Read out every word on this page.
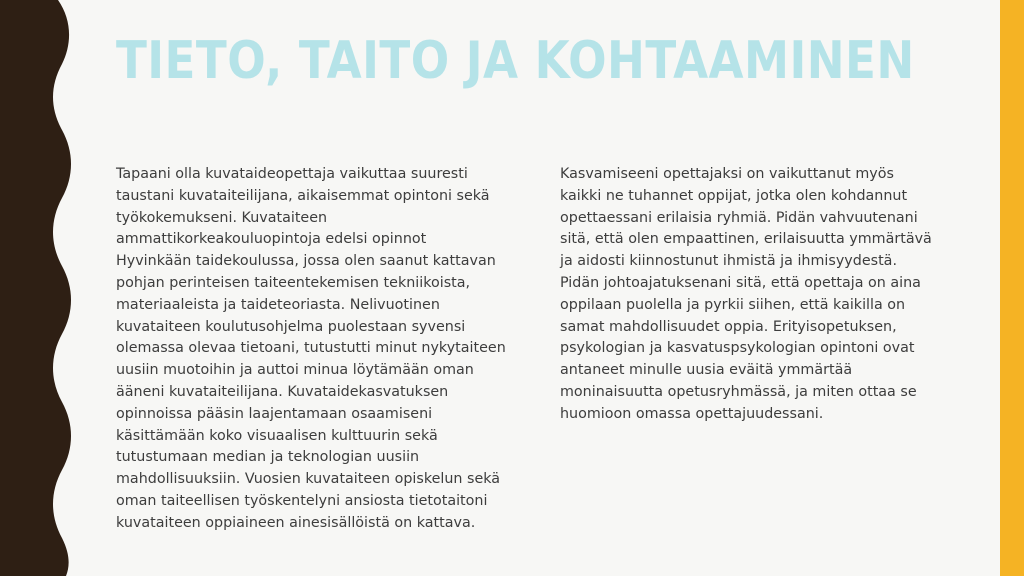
TIETO, TAITO JA KOHTAAMINEN
Tapaani olla kuvataideopettaja vaikuttaa suuresti
taustani kuvataiteilijana, aikaisemmat opintoni sekä
työkokemukseni. Kuvataiteen
ammattikorkeakouluopintoja edelsi opinnot
Hyvinkään taidekoulussa, jossa olen saanut kattavan
pohjan perinteisen taiteentekemisen tekniikoista,
materiaaleista ja taideteoriasta. Nelivuotinen
kuvataiteen koulutusohjelma puolestaan syvensi
olemassa olevaa tietoani, tutustutti minut nykytaiteen
uusiin muotoihin ja auttoi minua löytämään oman
ääneni kuvataiteilijana. Kuvataidekasvatuksen
opinnoissa pääsin laajentamaan osaamiseni
käsittämään koko visuaalisen kulttuurin sekä
tutustumaan median ja teknologian uusiin
mahdollisuuksiin. Vuosien kuvataiteen opiskelun sekä
oman taiteellisen työskentelyni ansiosta tietotaitoni
kuvataiteen oppiaineen ainesisällöistä on kattava.
Kasvamiseeni opettajaksi on vaikuttanut myös
kaikki ne tuhannet oppijat, jotka olen kohdannut
opettaessani erilaisia ryhmiä. Pidän vahvuutenani
sitä, että olen empaattinen, erilaisuutta ymmärtävä
ja aidosti kiinnostunut ihmistä ja ihmisyydestä.
Pidän johtoajatuksenani sitä, että opettaja on aina
oppilaan puolella ja pyrkii siihen, että kaikilla on
samat mahdollisuudet oppia. Erityisopetuksen,
psykologian ja kasvatuspsykologian opintoni ovat
antaneet minulle uusia eväitä ymmärtää
moninaisuutta opetusryhmässä, ja miten ottaa se
huomioon omassa opettajuudessani.
